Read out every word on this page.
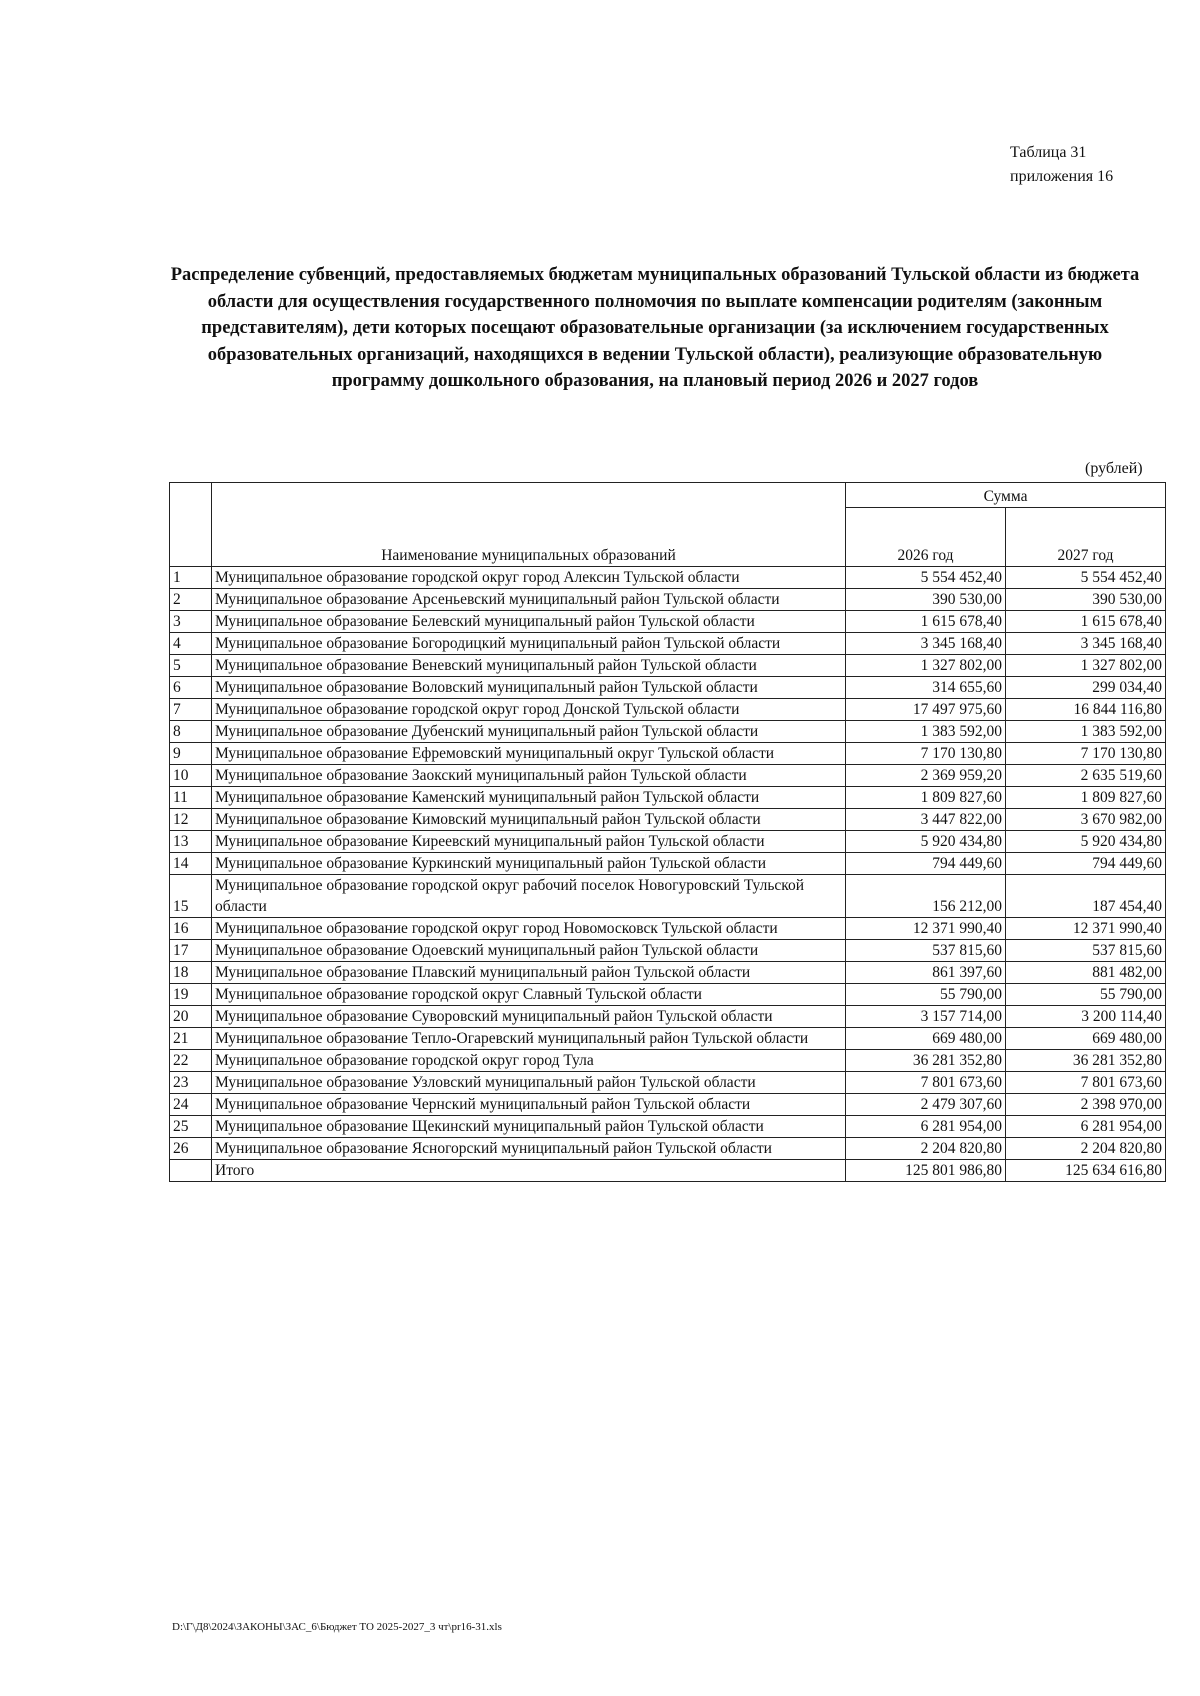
Таблица 31
приложения 16
Распределение субвенций, предоставляемых бюджетам муниципальных образований Тульской области из бюджета области для осуществления государственного полномочия по выплате компенсации родителям (законным представителям), дети которых посещают образовательные организации (за исключением государственных образовательных организаций, находящихся в ведении Тульской области), реализующие образовательную программу дошкольного образования, на плановый период 2026 и 2027 годов
(рублей)
	Наименование муниципальных образований	Сумма	
		2026 год	2027 год
1	Муниципальное образование городской округ город Алексин Тульской области	5 554 452,40	5 554 452,40
2	Муниципальное образование Арсеньевский муниципальный район Тульской области	390 530,00	390 530,00
3	Муниципальное образование Белевский муниципальный район Тульской области	1 615 678,40	1 615 678,40
4	Муниципальное образование Богородицкий муниципальный район Тульской области	3 345 168,40	3 345 168,40
5	Муниципальное образование Веневский муниципальный район Тульской области	1 327 802,00	1 327 802,00
6	Муниципальное образование Воловский муниципальный район Тульской области	314 655,60	299 034,40
7	Муниципальное образование городской округ город Донской Тульской области	17 497 975,60	16 844 116,80
8	Муниципальное образование Дубенский муниципальный район Тульской области	1 383 592,00	1 383 592,00
9	Муниципальное образование Ефремовский муниципальный округ Тульской области	7 170 130,80	7 170 130,80
10	Муниципальное образование Заокский муниципальный район Тульской области	2 369 959,20	2 635 519,60
11	Муниципальное образование Каменский муниципальный район Тульской области	1 809 827,60	1 809 827,60
12	Муниципальное образование Кимовский муниципальный район Тульской области	3 447 822,00	3 670 982,00
13	Муниципальное образование Киреевский муниципальный район Тульской области	5 920 434,80	5 920 434,80
14	Муниципальное образование Куркинский муниципальный район Тульской области	794 449,60	794 449,60
15	Муниципальное образование городской округ рабочий поселок Новогуровский Тульской области	156 212,00	187 454,40
16	Муниципальное образование городской округ город Новомосковск Тульской области	12 371 990,40	12 371 990,40
17	Муниципальное образование Одоевский муниципальный район Тульской области	537 815,60	537 815,60
18	Муниципальное образование Плавский муниципальный район Тульской области	861 397,60	881 482,00
19	Муниципальное образование городской округ Славный Тульской области	55 790,00	55 790,00
20	Муниципальное образование Суворовский муниципальный район Тульской области	3 157 714,00	3 200 114,40
21	Муниципальное образование Тепло-Огаревский муниципальный район Тульской области	669 480,00	669 480,00
22	Муниципальное образование городской округ город Тула	36 281 352,80	36 281 352,80
23	Муниципальное образование Узловский муниципальный район Тульской области	7 801 673,60	7 801 673,60
24	Муниципальное образование Чернский муниципальный район Тульской области	2 479 307,60	2 398 970,00
25	Муниципальное образование Щекинский муниципальный район Тульской области	6 281 954,00	6 281 954,00
26	Муниципальное образование Ясногорский муниципальный район Тульской области	2 204 820,80	2 204 820,80
	Итого	125 801 986,80	125 634 616,80
D:\Г\Д8\2024\ЗАКОНЫ\ЗАС_6\Бюджет ТО 2025-2027_3 чт\pr16-31.xls
